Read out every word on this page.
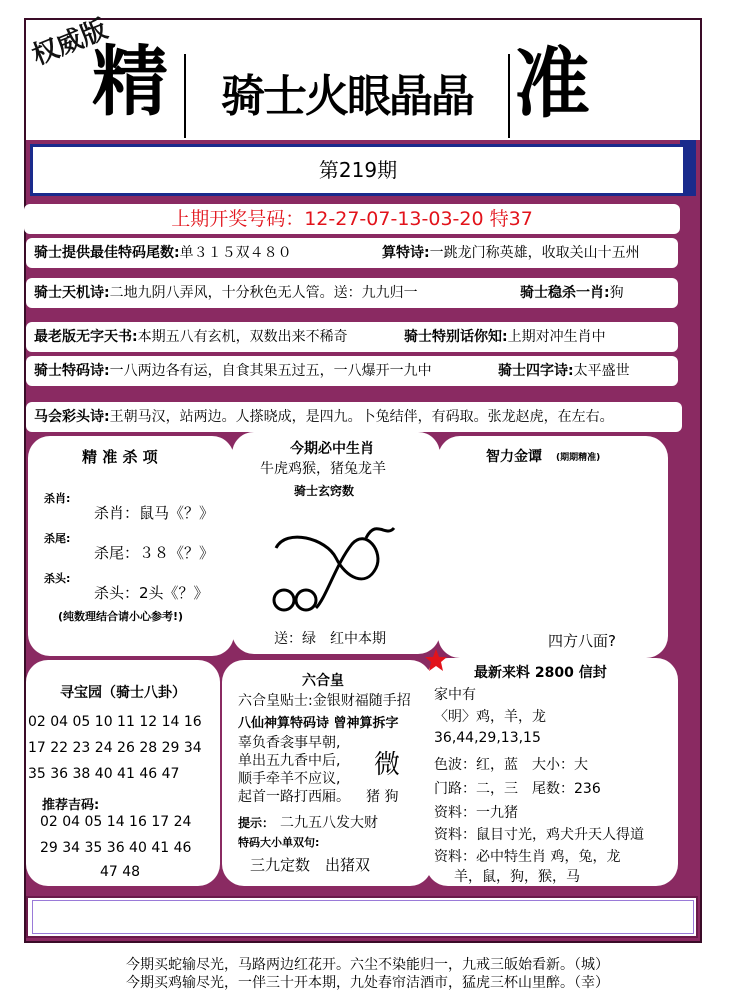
权威版
精	骑士火眼晶晶 准
第219期
上期开奖号码：12-27-07-13-03-20 特37
骑士提供最佳特码尾数:单３１５双４８０	算特诗:一跳龙门称英雄，收取关山十五州
骑士天机诗:二地九阴八弄风，十分秋色无人管。送：九九归一	骑士稳杀一肖:狗
最老版无字天书:本期五八有玄机，双数出来不稀奇	骑士特别话你知:上期对冲生肖中
骑士特码诗:一八两边各有运，自食其果五过五，一八爆开一九中	骑士四字诗:太平盛世
马会彩头诗:王朝马汉，站两边。人搽晓成，是四九。卜兔结伴，有码取。张龙赵虎，在左右。
精 准 杀 项
杀肖:
杀肖：鼠马《？》
杀尾:
杀尾：３８《？》
杀头:
杀头：2头《？》
(纯数理结合请小心参考!)
今期必中生肖
牛虎鸡猴，猪兔龙羊
骑士玄窍数
送：绿　红中本期
智力金谭 (期期精准)
四方八面?
寻宝园（骑士八卦）
02 04 05 10 11 12 14 16
17 22 23 24 26 28 29 34
35 36 38 40 41 46 47
推荐吉码:
02 04 05 14 16 17 24
29 34 35 36 40 41 46
47 48
六合皇
六合皇贴士:金银财福随手招
八仙神算特码诗 曾神算拆字
辜负香衾事早朝,
单出五九香中后,
顺手牵羊不应议,
起首一路打西厢。
微
猪 狗
提示： 二九五八发大财
特码大小单双句:
三九定数　出猪双
最新来料 2800 信封
家中有
〈明〉鸡，羊，龙
36,44,29,13,15
色波：红，蓝　大小：大
门路：二，三　尾数：236
资料：一九猪
资料：鼠目寸光，鸡犬升天人得道
资料：必中特生肖 鸡，兔，龙
羊，鼠，狗，猴，马
今期买蛇输尽光，马路两边红花开。六尘不染能归一，九戒三皈始看新。（城）
今期买鸡输尽光，一伴三十开本期，九处春帘洁酒市，猛虎三杯山里醉。（幸）
